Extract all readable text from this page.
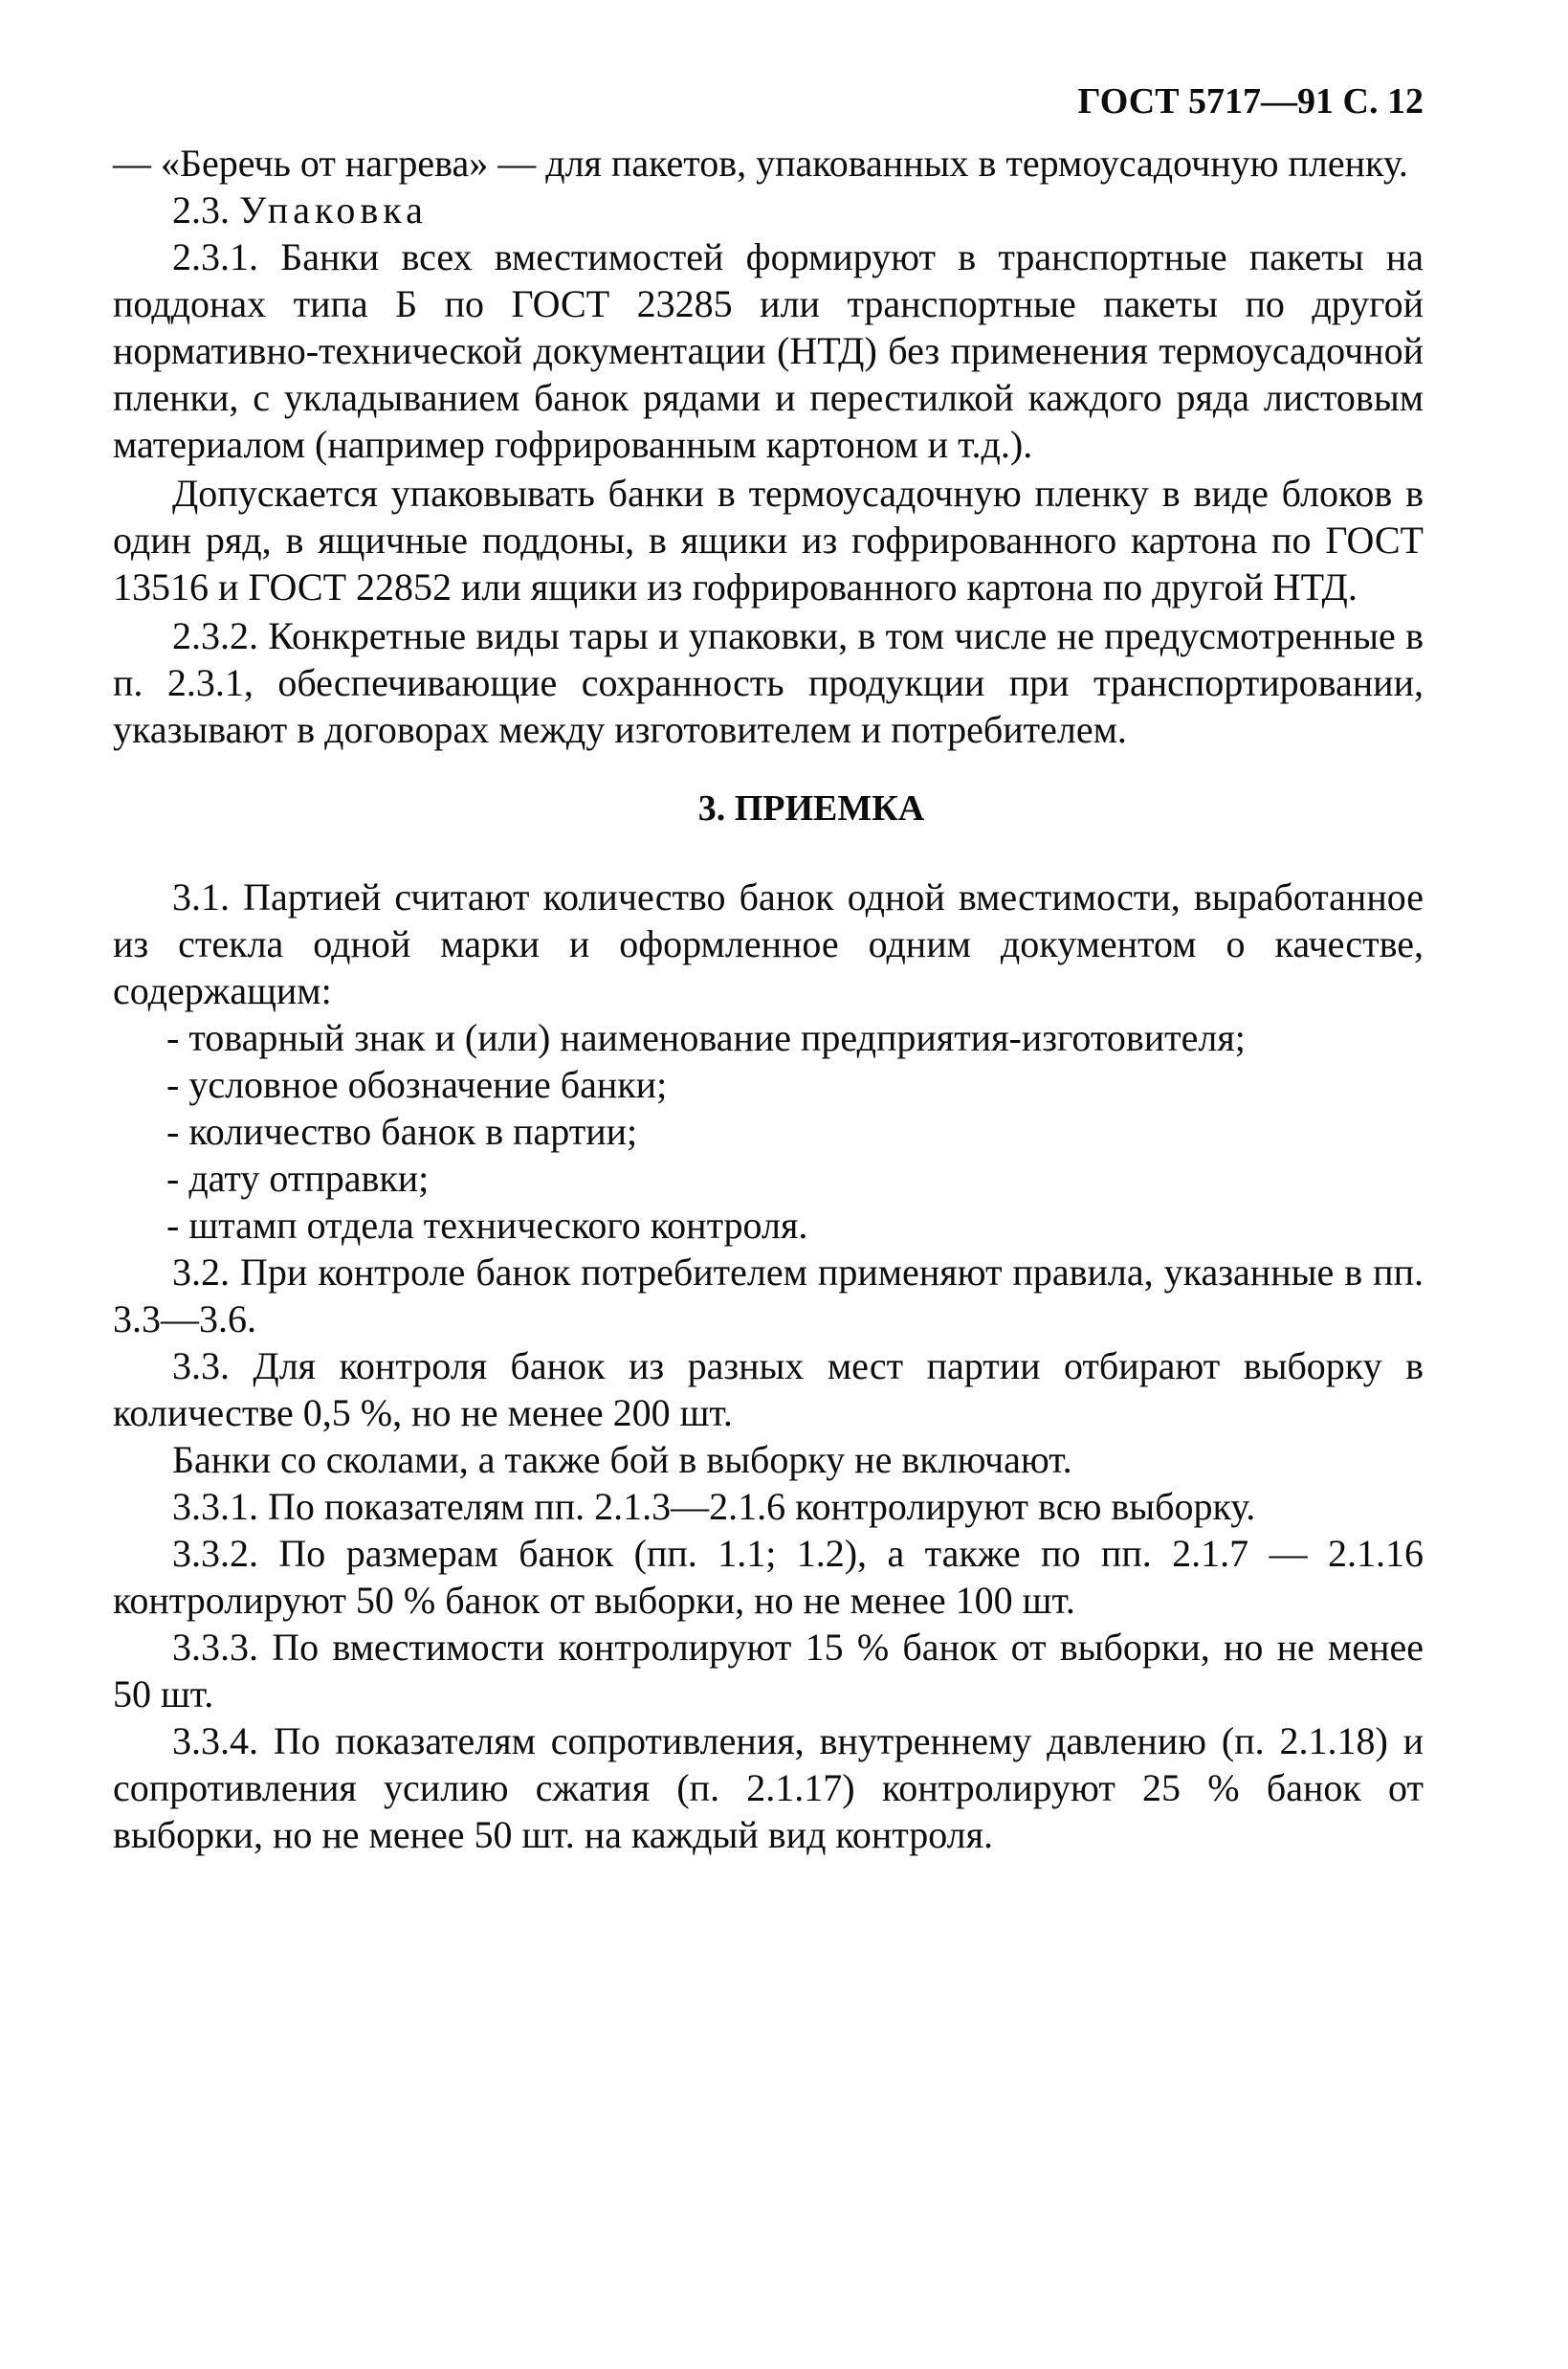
ГОСТ 5717—91 С. 12

— «Беречь от нагрева» — для пакетов, упакованных в термоусадочную пленку.

2.3. Упаковка

2.3.1. Банки всех вместимостей формируют в транспортные пакеты на поддонах типа Б по ГОСТ 23285 или транспортные пакеты по другой нормативно-технической документации (НТД) без применения термоусадочной пленки, с укладыванием банок рядами и перестилкой каждого ряда листовым материалом (например гофрированным картоном и т.д.).

Допускается упаковывать банки в термоусадочную пленку в виде блоков в один ряд, в ящичные поддоны, в ящики из гофрированного картона по ГОСТ 13516 и ГОСТ 22852 или ящики из гофрированного картона по другой НТД.

2.3.2. Конкретные виды тары и упаковки, в том числе не предусмотренные в п. 2.3.1, обеспечивающие сохранность продукции при транспортировании, указывают в договорах между изготовителем и потребителем.

3. ПРИЕМКА

3.1. Партией считают количество банок одной вместимости, выработанное из стекла одной марки и оформленное одним документом о качестве, содержащим:

- товарный знак и (или) наименование предприятия-изготовителя;

- условное обозначение банки;

- количество банок в партии;

- дату отправки;

- штамп отдела технического контроля.

3.2. При контроле банок потребителем применяют правила, указанные в пп. 3.3—3.6.

3.3. Для контроля банок из разных мест партии отбирают выборку в количестве 0,5 %, но не менее 200 шт.

Банки со сколами, а также бой в выборку не включают.

3.3.1. По показателям пп. 2.1.3—2.1.6 контролируют всю выборку.

3.3.2. По размерам банок (пп. 1.1; 1.2), а также по пп. 2.1.7 — 2.1.16 контролируют 50 % банок от выборки, но не менее 100 шт.

3.3.3. По вместимости контролируют 15 % банок от выборки, но не менее 50 шт.

3.3.4. По показателям сопротивления, внутреннему давлению (п. 2.1.18) и сопротивления усилию сжатия (п. 2.1.17) контролируют 25 % банок от выборки, но не менее 50 шт. на каждый вид контроля.
